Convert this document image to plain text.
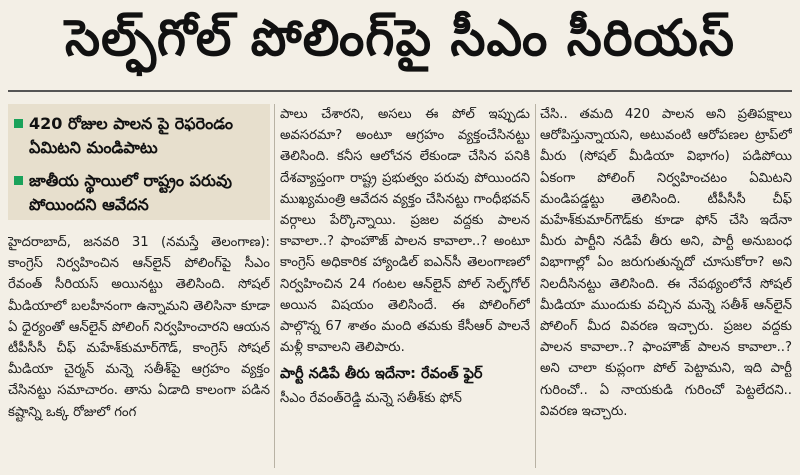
సెల్ఫ్‌గోల్ పోలింగ్‌పై సీఎం సీరియస్
420 రోజుల పాలన పై రెఫరెండం ఏమిటని మండిపాటు
జాతీయ స్థాయిలో రాష్ట్రం పరువు పోయిందని ఆవేదన

హైదరాబాద్, జనవరి 31 (నమస్తే తెలంగాణ): కాంగ్రెస్ నిర్వహించిన ఆన్‌లైన్ పోలింగ్‌పై సీఎం రేవంత్ సీరియస్ అయినట్టు తెలిసింది. సోషల్ మీడియాలో బలహీనంగా ఉన్నామని తెలిసినా కూడా ఏ ధైర్యంతో ఆన్‌లైన్ పోలింగ్ నిర్వహించారని ఆయన టీపీసీసీ చీఫ్ మహేశ్‌కుమార్‌గౌడ్, కాంగ్రెస్ సోషల్ మీడియా చైర్మన్ మన్నె సతీశ్‌పై ఆగ్రహం వ్యక్తం చేసినట్టు సమాచారం. తాను ఏడాది కాలంగా పడిన కష్టాన్ని ఒక్క రోజులో గంగ

పాలు చేశారని, అసలు ఈ పోల్ ఇప్పుడు అవసరమా? అంటూ ఆగ్రహం వ్యక్తంచేసినట్టు తెలిసింది. కనీస ఆలోచన లేకుండా చేసిన పనికి దేశవ్యాప్తంగా రాష్ట్ర ప్రభుత్వం పరువు పోయిందని ముఖ్యమంత్రి ఆవేదన వ్యక్తం చేసినట్టు గాంధీభవన్ వర్గాలు పేర్కొన్నాయి. ప్రజల వద్దకు పాలన కావాలా..? ఫాంహౌజ్ పాలన కావాలా..? అంటూ కాంగ్రెస్ అధికారిక హ్యాండిల్ ఐఎన్‌సీ తెలంగాణలో నిర్వహించిన 24 గంటల ఆన్‌లైన్ పోల్ సెల్ఫ్‌గోల్ అయిన విషయం తెలిసిందే. ఈ పోలింగ్‌లో పాల్గొన్న 67 శాతం మంది తమకు కేసీఆర్ పాలనే మళ్లీ కావాలని తెలిపారు.

పార్టీ నడిపే తీరు ఇదేనా: రేవంత్ ఫైర్

సీఎం రేవంత్‌రెడ్డి మన్నె సతీశ్‌కు ఫోన్

చేసి.. తమది 420 పాలన అని ప్రతిపక్షాలు ఆరోపిస్తున్నాయని, అటువంటి ఆరోపణల ట్రాప్‌లో మీరు (సోషల్ మీడియా విభాగం) పడిపోయి ఏకంగా పోలింగ్ నిర్వహించటం ఏమిటని మండిపడ్డట్టు తెలిసింది. టీపీసీసీ చీఫ్ మహేశ్‌కుమార్‌గౌడ్‌కు కూడా ఫోన్ చేసి ఇదేనా మీరు పార్టీని నడిపే తీరు అని, పార్టీ అనుబంధ విభాగాల్లో ఏం జరుగుతున్నదో చూసుకోరా? అని నిలదీసినట్టు తెలిసింది. ఈ నేపథ్యంలోనే సోషల్ మీడియా ముందుకు వచ్చిన మన్నె సతీశ్ ఆన్‌లైన్ పోలింగ్ మీద వివరణ ఇచ్చారు. ప్రజల వద్దకు పాలన కావాలా..? ఫాంహౌజ్ పాలన కావాలా..? అని చాలా కుప్లంగా పోల్ పెట్టామని, ఇది పార్టీ గురించో.. ఏ నాయకుడి గురించో పెట్టలేదని.. వివరణ ఇచ్చారు.
